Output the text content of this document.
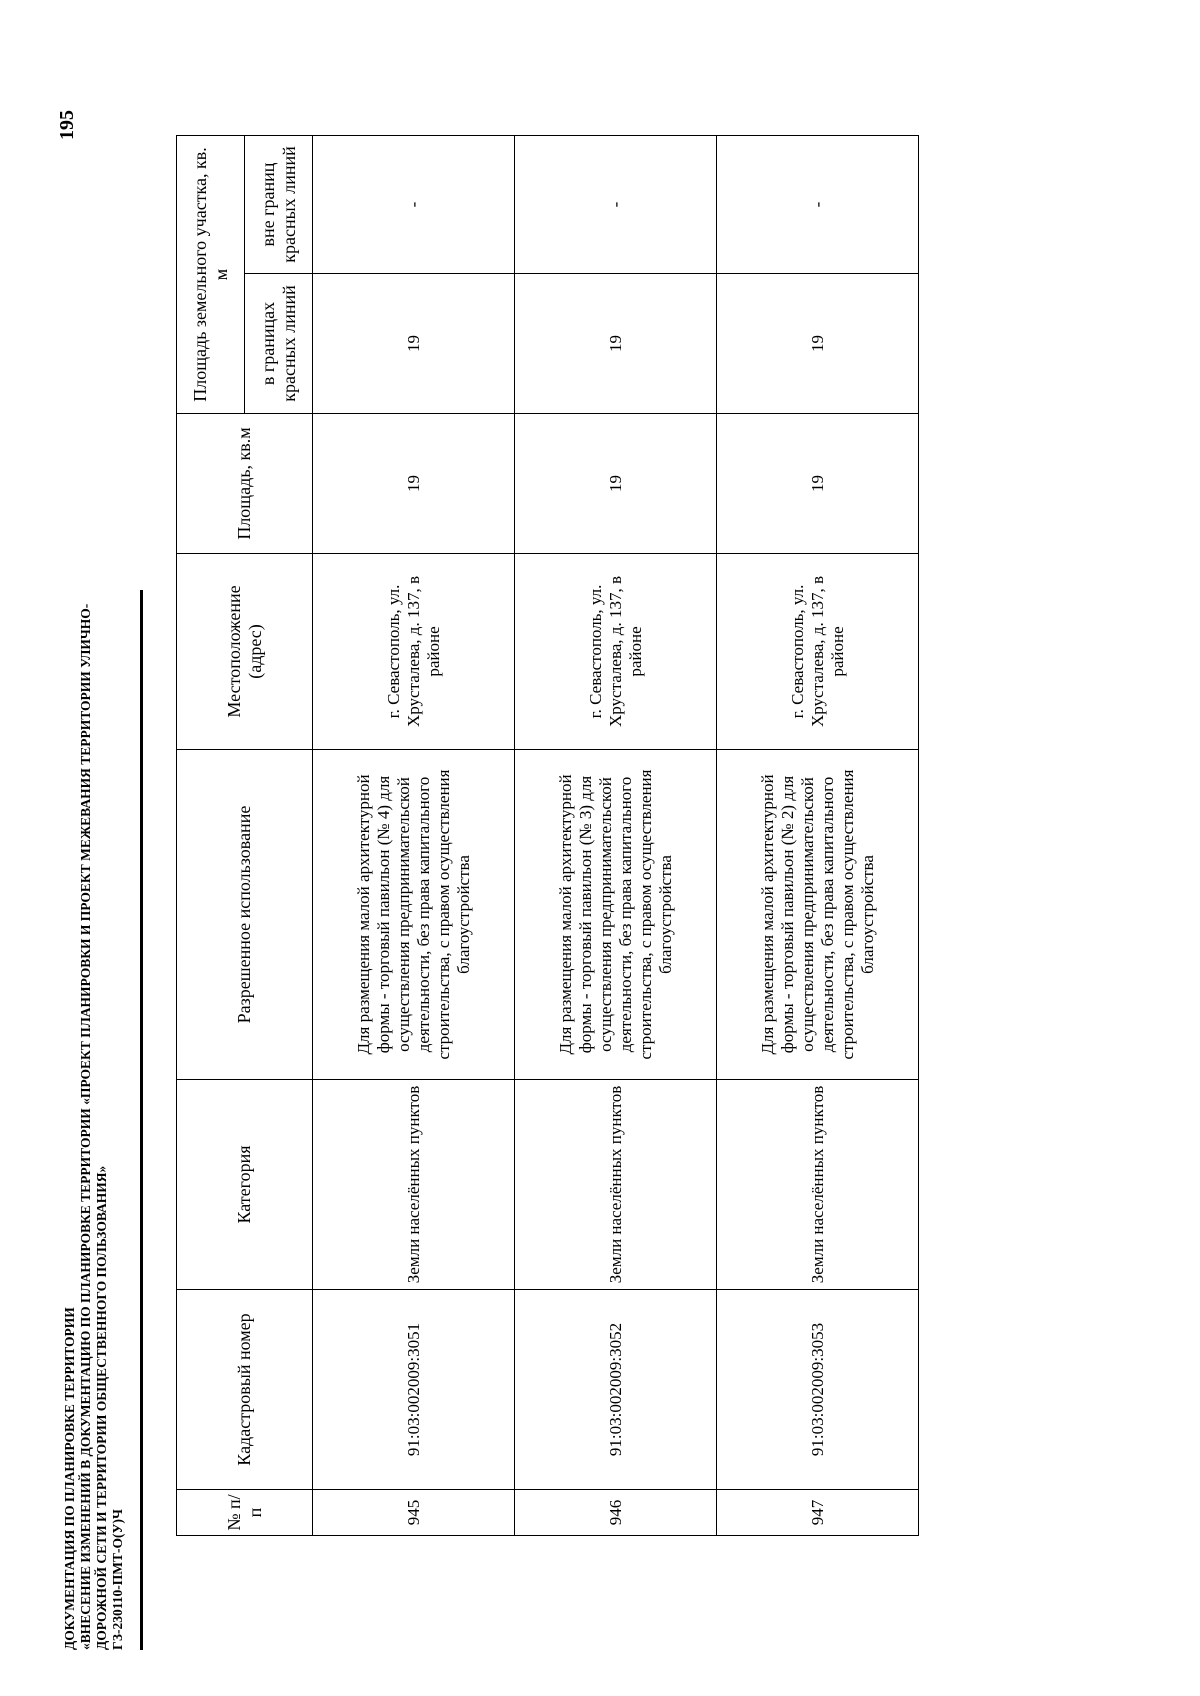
ДОКУМЕНТАЦИЯ ПО ПЛАНИРОВКЕ ТЕРРИТОРИИ «ВНЕСЕНИЕ ИЗМЕНЕНИЙ В ДОКУМЕНТАЦИЮ ПО ПЛАНИРОВКЕ ТЕРРИТОРИИ «ПРОЕКТ ПЛАНИРОВКИ И ПРОЕКТ МЕЖЕВАНИЯ ТЕРРИТОРИИ УЛИЧНО- ДОРОЖНОЙ СЕТИ И ТЕРРИТОРИИ ОБЩЕСТВЕННОГО ПОЛЬЗОВАНИЯ» ГЗ-230110-ПМТ-О(У)Ч
195
№ п/п	Кадастровый номер	Категория	Разрешенное использование	Местоположение (адрес)	Площадь, кв.м	Площадь земельного участка, кв. м	
						в границах красных линий	вне границ красных линий
945	91:03:002009:3051	Земли населённых пунктов	Для размещения малой архитектурной формы - торговый павильон (№ 4) для осуществления предпринимательской деятельности, без права капитального строительства, с правом осуществления благоустройства	г. Севастополь, ул. Хрусталева, д. 137, в районе	19	19	-
946	91:03:002009:3052	Земли населённых пунктов	Для размещения малой архитектурной формы - торговый павильон (№ 3) для осуществления предпринимательской деятельности, без права капитального строительства, с правом осуществления благоустройства	г. Севастополь, ул. Хрусталева, д. 137, в районе	19	19	-
947	91:03:002009:3053	Земли населённых пунктов	Для размещения малой архитектурной формы - торговый павильон (№ 2) для осуществления предпринимательской деятельности, без права капитального строительства, с правом осуществления благоустройства	г. Севастополь, ул. Хрусталева, д. 137, в районе	19	19	-
